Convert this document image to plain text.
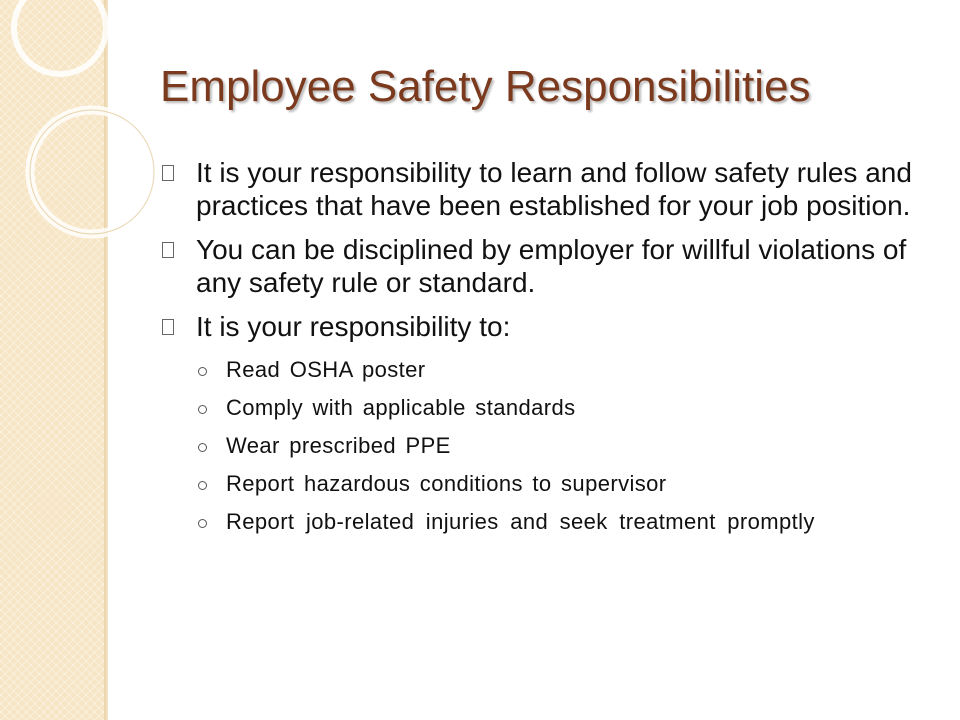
Employee Safety Responsibilities
It is your responsibility to learn and follow safety rules and practices that have been established for your job position.
You can be disciplined by employer for willful violations of any safety rule or standard.
It is your responsibility to:
Read OSHA poster
Comply with applicable standards
Wear prescribed PPE
Report hazardous conditions to supervisor
Report job-related injuries and seek treatment promptly
